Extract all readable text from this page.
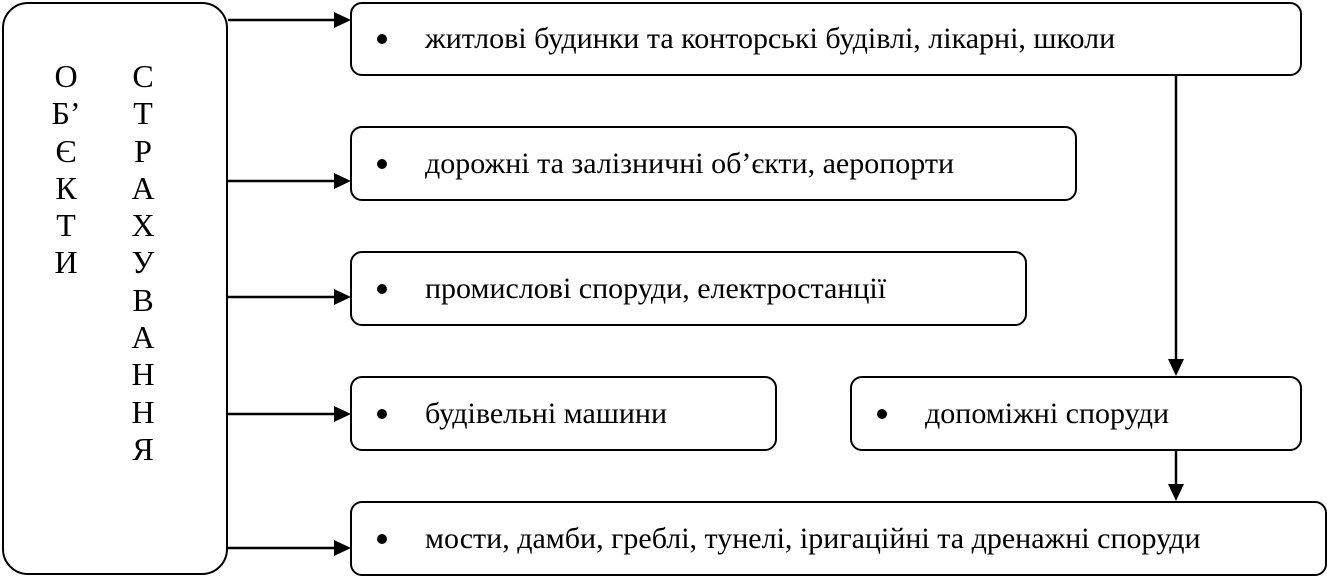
О
Б’
Є
К
Т
И
С
Т
Р
А
Х
У
В
А
Н
Н
Я
житлові будинки та конторські будівлі, лікарні, школи
дорожні та залізничні об’єкти, аеропорти
промислові споруди, електростанції
будівельні машини	допоміжні споруди
мости, дамби, греблі, тунелі, іригаційні та дренажні споруди
